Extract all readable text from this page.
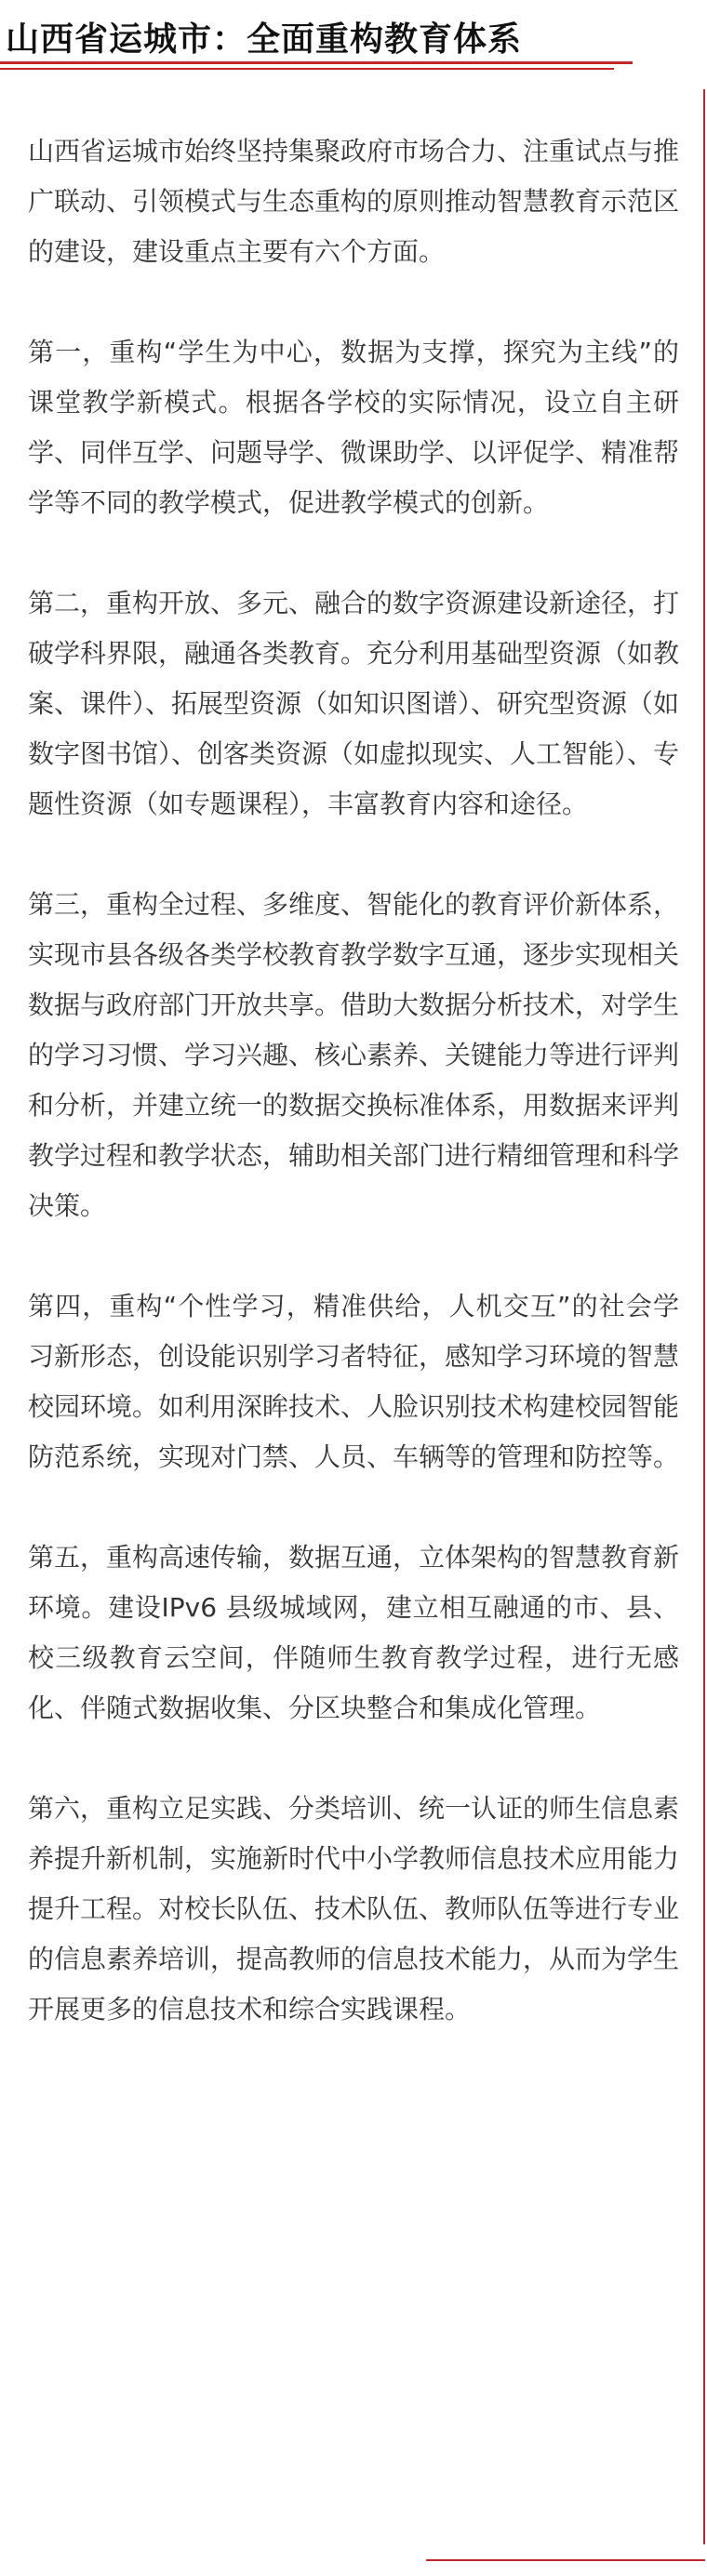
山西省运城市：全面重构教育体系

山西省运城市始终坚持集聚政府市场合力、注重试点与推广联动、引领模式与生态重构的原则推动智慧教育示范区的建设，建设重点主要有六个方面。

第一，重构“学生为中心，数据为支撑，探究为主线”的课堂教学新模式。根据各学校的实际情况，设立自主研学、同伴互学、问题导学、微课助学、以评促学、精准帮学等不同的教学模式，促进教学模式的创新。

第二，重构开放、多元、融合的数字资源建设新途径，打破学科界限，融通各类教育。充分利用基础型资源（如教案、课件）、拓展型资源（如知识图谱）、研究型资源（如数字图书馆）、创客类资源（如虚拟现实、人工智能）、专题性资源（如专题课程），丰富教育内容和途径。

第三，重构全过程、多维度、智能化的教育评价新体系，实现市县各级各类学校教育教学数字互通，逐步实现相关数据与政府部门开放共享。借助大数据分析技术，对学生的学习习惯、学习兴趣、核心素养、关键能力等进行评判和分析，并建立统一的数据交换标准体系，用数据来评判教学过程和教学状态，辅助相关部门进行精细管理和科学决策。

第四，重构“个性学习，精准供给，人机交互”的社会学习新形态，创设能识别学习者特征，感知学习环境的智慧校园环境。如利用深眸技术、人脸识别技术构建校园智能防范系统，实现对门禁、人员、车辆等的管理和防控等。

第五，重构高速传输，数据互通，立体架构的智慧教育新环境。建设IPv6 县级城域网，建立相互融通的市、县、校三级教育云空间，伴随师生教育教学过程，进行无感化、伴随式数据收集、分区块整合和集成化管理。

第六，重构立足实践、分类培训、统一认证的师生信息素养提升新机制，实施新时代中小学教师信息技术应用能力提升工程。对校长队伍、技术队伍、教师队伍等进行专业的信息素养培训，提高教师的信息技术能力，从而为学生开展更多的信息技术和综合实践课程。
